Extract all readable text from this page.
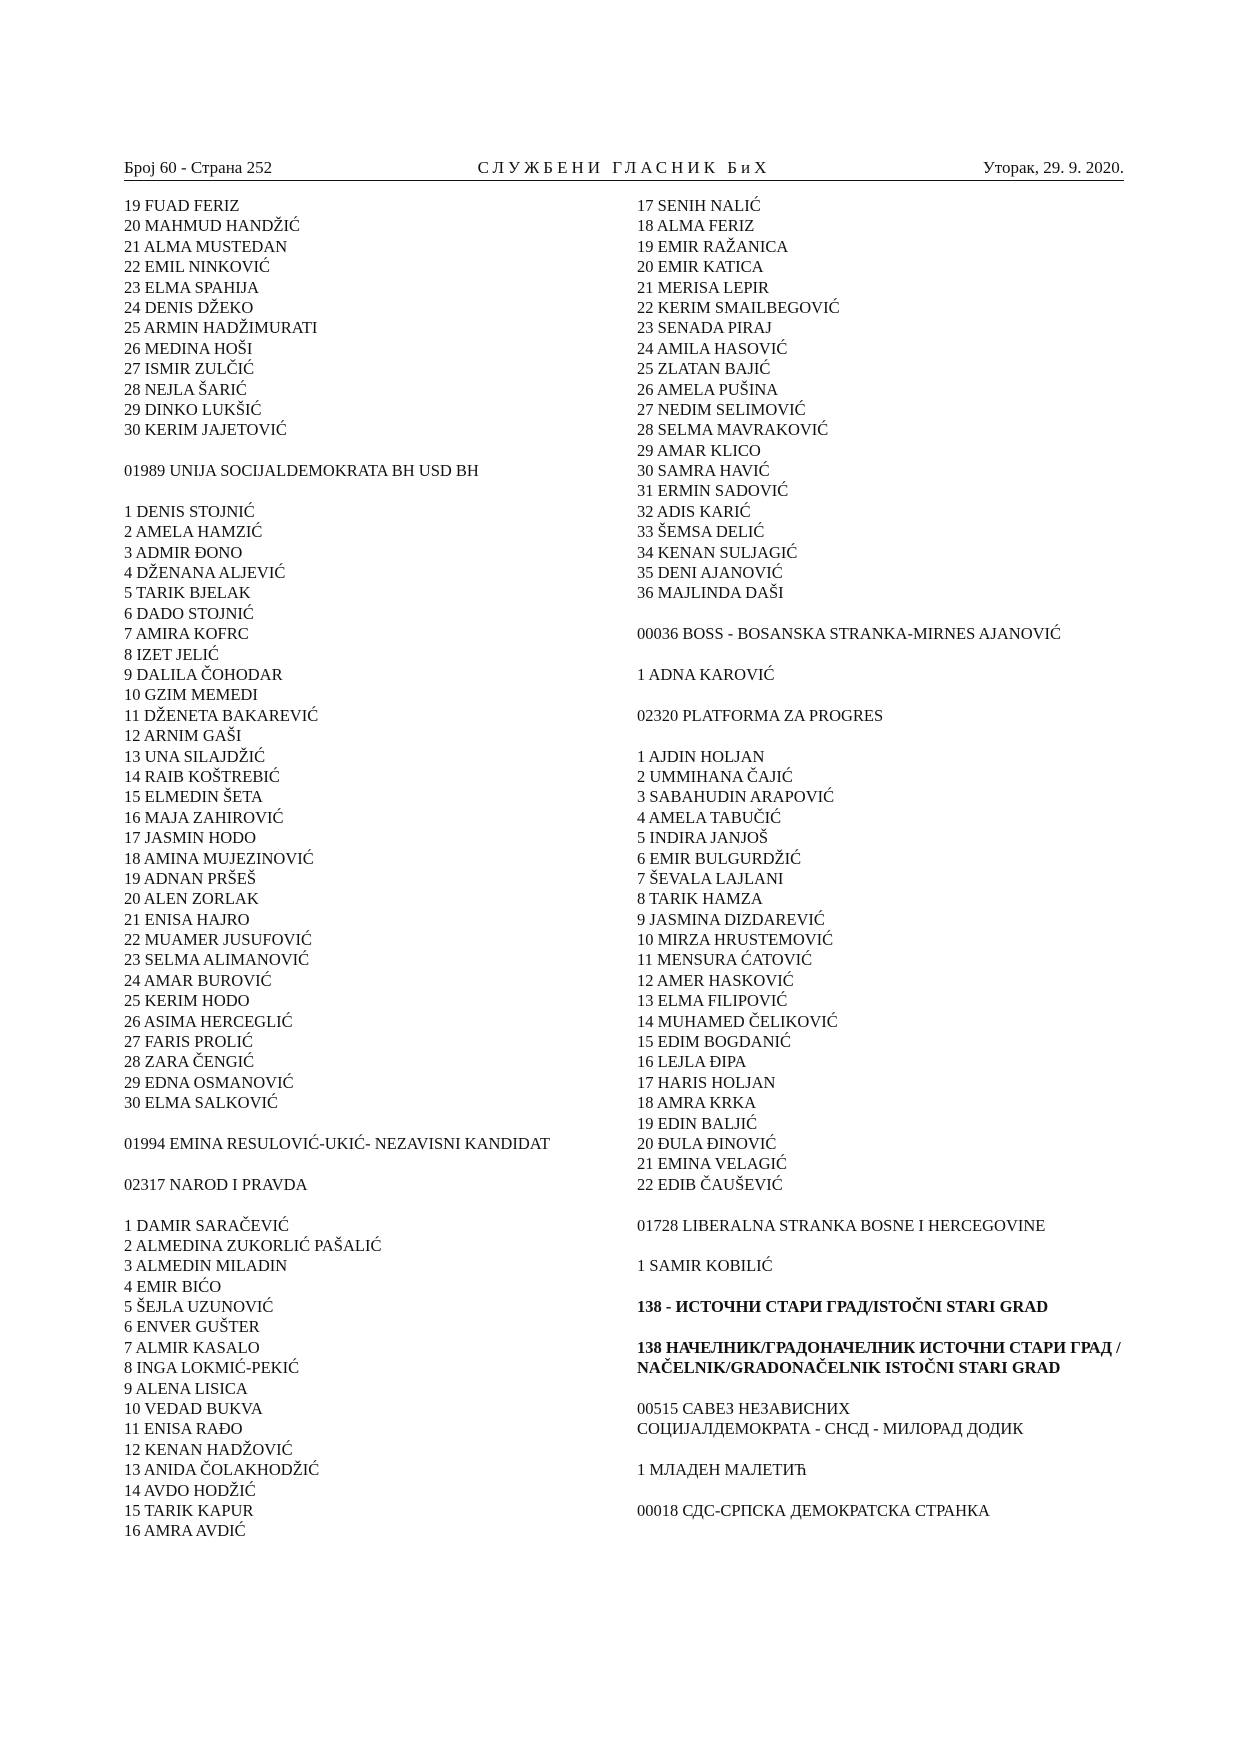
Број 60 - Страна 252	СЛУЖБЕНИ ГЛАСНИК БиХ	Уторак, 29. 9. 2020.
19 FUAD FERIZ
20 MAHMUD HANDŽIĆ
21 ALMA MUSTEDAN
22 EMIL NINKOVIĆ
23 ELMA SPAHIJA
24 DENIS DŽEKO
25 ARMIN HADŽIMURATI
26 MEDINA HOŠI
27 ISMIR ZULČIĆ
28 NEJLA ŠARIĆ
29 DINKO LUKŠIĆ
30 KERIM JAJETOVIĆ
01989 UNIJA SOCIJALDEMOKRATA BH USD BH
1 DENIS STOJNIĆ
2 AMELA HAMZIĆ
3 ADMIR ĐONO
4 DŽENANA ALJEVIĆ
5 TARIK BJELAK
6 DADO STOJNIĆ
7 AMIRA KOFRC
8 IZET JELIĆ
9 DALILA ČOHODAR
10 GZIM MEMEDI
11 DŽENETA BAKAREVIĆ
12 ARNIM GAŠI
13 UNA SILAJDŽIĆ
14 RAIB KOŠTREBIĆ
15 ELMEDIN ŠETA
16 MAJA ZAHIROVIĆ
17 JASMIN HODO
18 AMINA MUJEZINOVIĆ
19 ADNAN PRŠEŠ
20 ALEN ZORLAK
21 ENISA HAJRO
22 MUAMER JUSUFOVIĆ
23 SELMA ALIMANOVIĆ
24 AMAR BUROVIĆ
25 KERIM HODO
26 ASIMA HERCEGLIĆ
27 FARIS PROLIĆ
28 ZARA ČENGIĆ
29 EDNA OSMANOVIĆ
30 ELMA SALKOVIĆ
01994 EMINA RESULOVIĆ-UKIĆ- NEZAVISNI KANDIDAT
02317 NAROD I PRAVDA
1 DAMIR SARAČEVIĆ
2 ALMEDINA ZUKORLIĆ PAŠALIĆ
3 ALMEDIN MILADIN
4 EMIR BIĆO
5 ŠEJLA UZUNOVIĆ
6 ENVER GUŠTER
7 ALMIR KASALO
8 INGA LOKMIĆ-PEKIĆ
9 ALENA LISICA
10 VEDAD BUKVA
11 ENISA RAĐO
12 KENAN HADŽOVIĆ
13 ANIDA ČOLAKHODŽIĆ
14 AVDO HODŽIĆ
15 TARIK KAPUR
16 AMRA AVDIĆ
17 SENIH NALIĆ
18 ALMA FERIZ
19 EMIR RAŽANICA
20 EMIR KATICA
21 MERISA LEPIR
22 KERIM SMAILBEGOVIĆ
23 SENADA PIRAJ
24 AMILA HASOVIĆ
25 ZLATAN BAJIĆ
26 AMELA PUŠINA
27 NEDIM SELIMOVIĆ
28 SELMA MAVRAKOVIĆ
29 AMAR KLICO
30 SAMRA HAVIĆ
31 ERMIN SADOVIĆ
32 ADIS KARIĆ
33 ŠEMSA DELIĆ
34 KENAN SULJAGIĆ
35 DENI AJANOVIĆ
36 MAJLINDA DAŠI
00036 BOSS - BOSANSKA STRANKA-MIRNES AJANOVIĆ
1 ADNA KAROVIĆ
02320 PLATFORMA ZA PROGRES
1 AJDIN HOLJAN
2 UMMIHANA ČAJIĆ
3 SABAHUDIN ARAPOVIĆ
4 AMELA TABUČIĆ
5 INDIRA JANJOŠ
6 EMIR BULGURDŽIĆ
7 ŠEVALA LAJLANI
8 TARIK HAMZA
9 JASMINA DIZDAREVIĆ
10 MIRZA HRUSTEMOVIĆ
11 MENSURA ĆATOVIĆ
12 AMER HASKOVIĆ
13 ELMA FILIPOVIĆ
14 MUHAMED ČELIKOVIĆ
15 EDIM BOGDANIĆ
16 LEJLA ĐIPA
17 HARIS HOLJAN
18 AMRA KRKA
19 EDIN BALJIĆ
20 ĐULA ĐINOVIĆ
21 EMINA VELAGIĆ
22 EDIB ČAUŠEVIĆ
01728 LIBERALNA STRANKA BOSNE I HERCEGOVINE
1 SAMIR KOBILIĆ
138 - ИСТОЧНИ СТАРИ ГРАД/ISTOČNI STARI GRAD
138 НАЧЕЛНИК/ГРАДОНАЧЕЛНИК ИСТОЧНИ СТАРИ ГРАД / NAČELNIK/GRADONAČELNIK ISTOČNI STARI GRAD
00515 САВЕЗ НЕЗАВИСНИХ
СОЦИЈАЛДЕМОКРАТА - СНСД - МИЛОРАД ДОДИК
1 МЛАДЕН МАЛЕТИЋ
00018 СДС-СРПСКА ДЕМОКРАТСКА СТРАНКА
